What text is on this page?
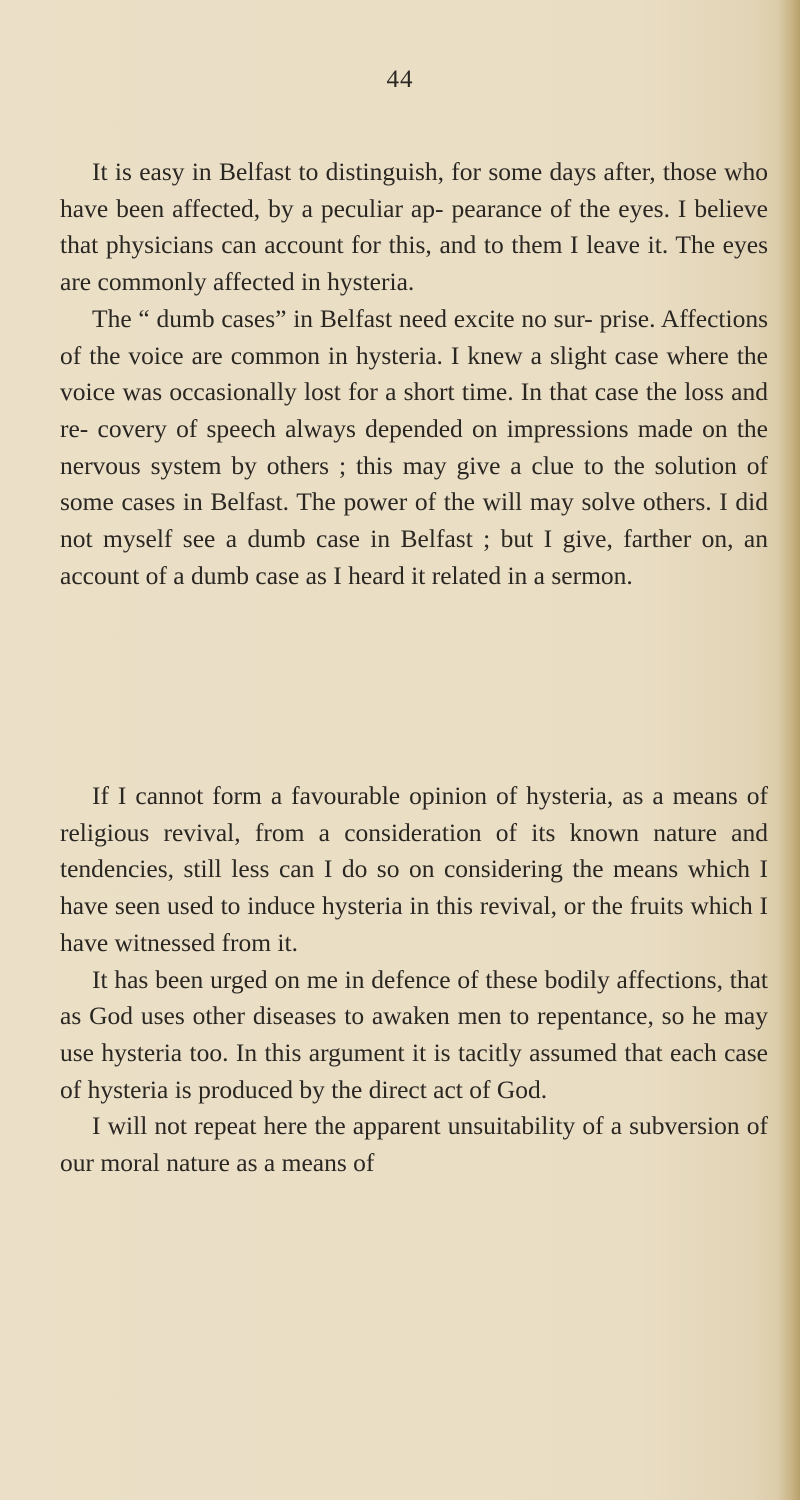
44

It is easy in Belfast to distinguish, for some days after, those who have been affected, by a peculiar ap- pearance of the eyes. I believe that physicians can account for this, and to them I leave it. The eyes are commonly affected in hysteria.

The “ dumb cases” in Belfast need excite no sur- prise. Affections of the voice are common in hysteria. I knew a slight case where the voice was occasionally lost for a short time. In that case the loss and re- covery of speech always depended on impressions made on the nervous system by others ; this may give a clue to the solution of some cases in Belfast. The power of the will may solve others. I did not myself see a dumb case in Belfast ; but I give, farther on, an account of a dumb case as I heard it related in a sermon.

If I cannot form a favourable opinion of hysteria, as a means of religious revival, from a consideration of its known nature and tendencies, still less can I do so on considering the means which I have seen used to induce hysteria in this revival, or the fruits which I have witnessed from it.

It has been urged on me in defence of these bodily affections, that as God uses other diseases to awaken men to repentance, so he may use hysteria too. In this argument it is tacitly assumed that each case of hysteria is produced by the direct act of God.

I will not repeat here the apparent unsuitability of a subversion of our moral nature as a means of
